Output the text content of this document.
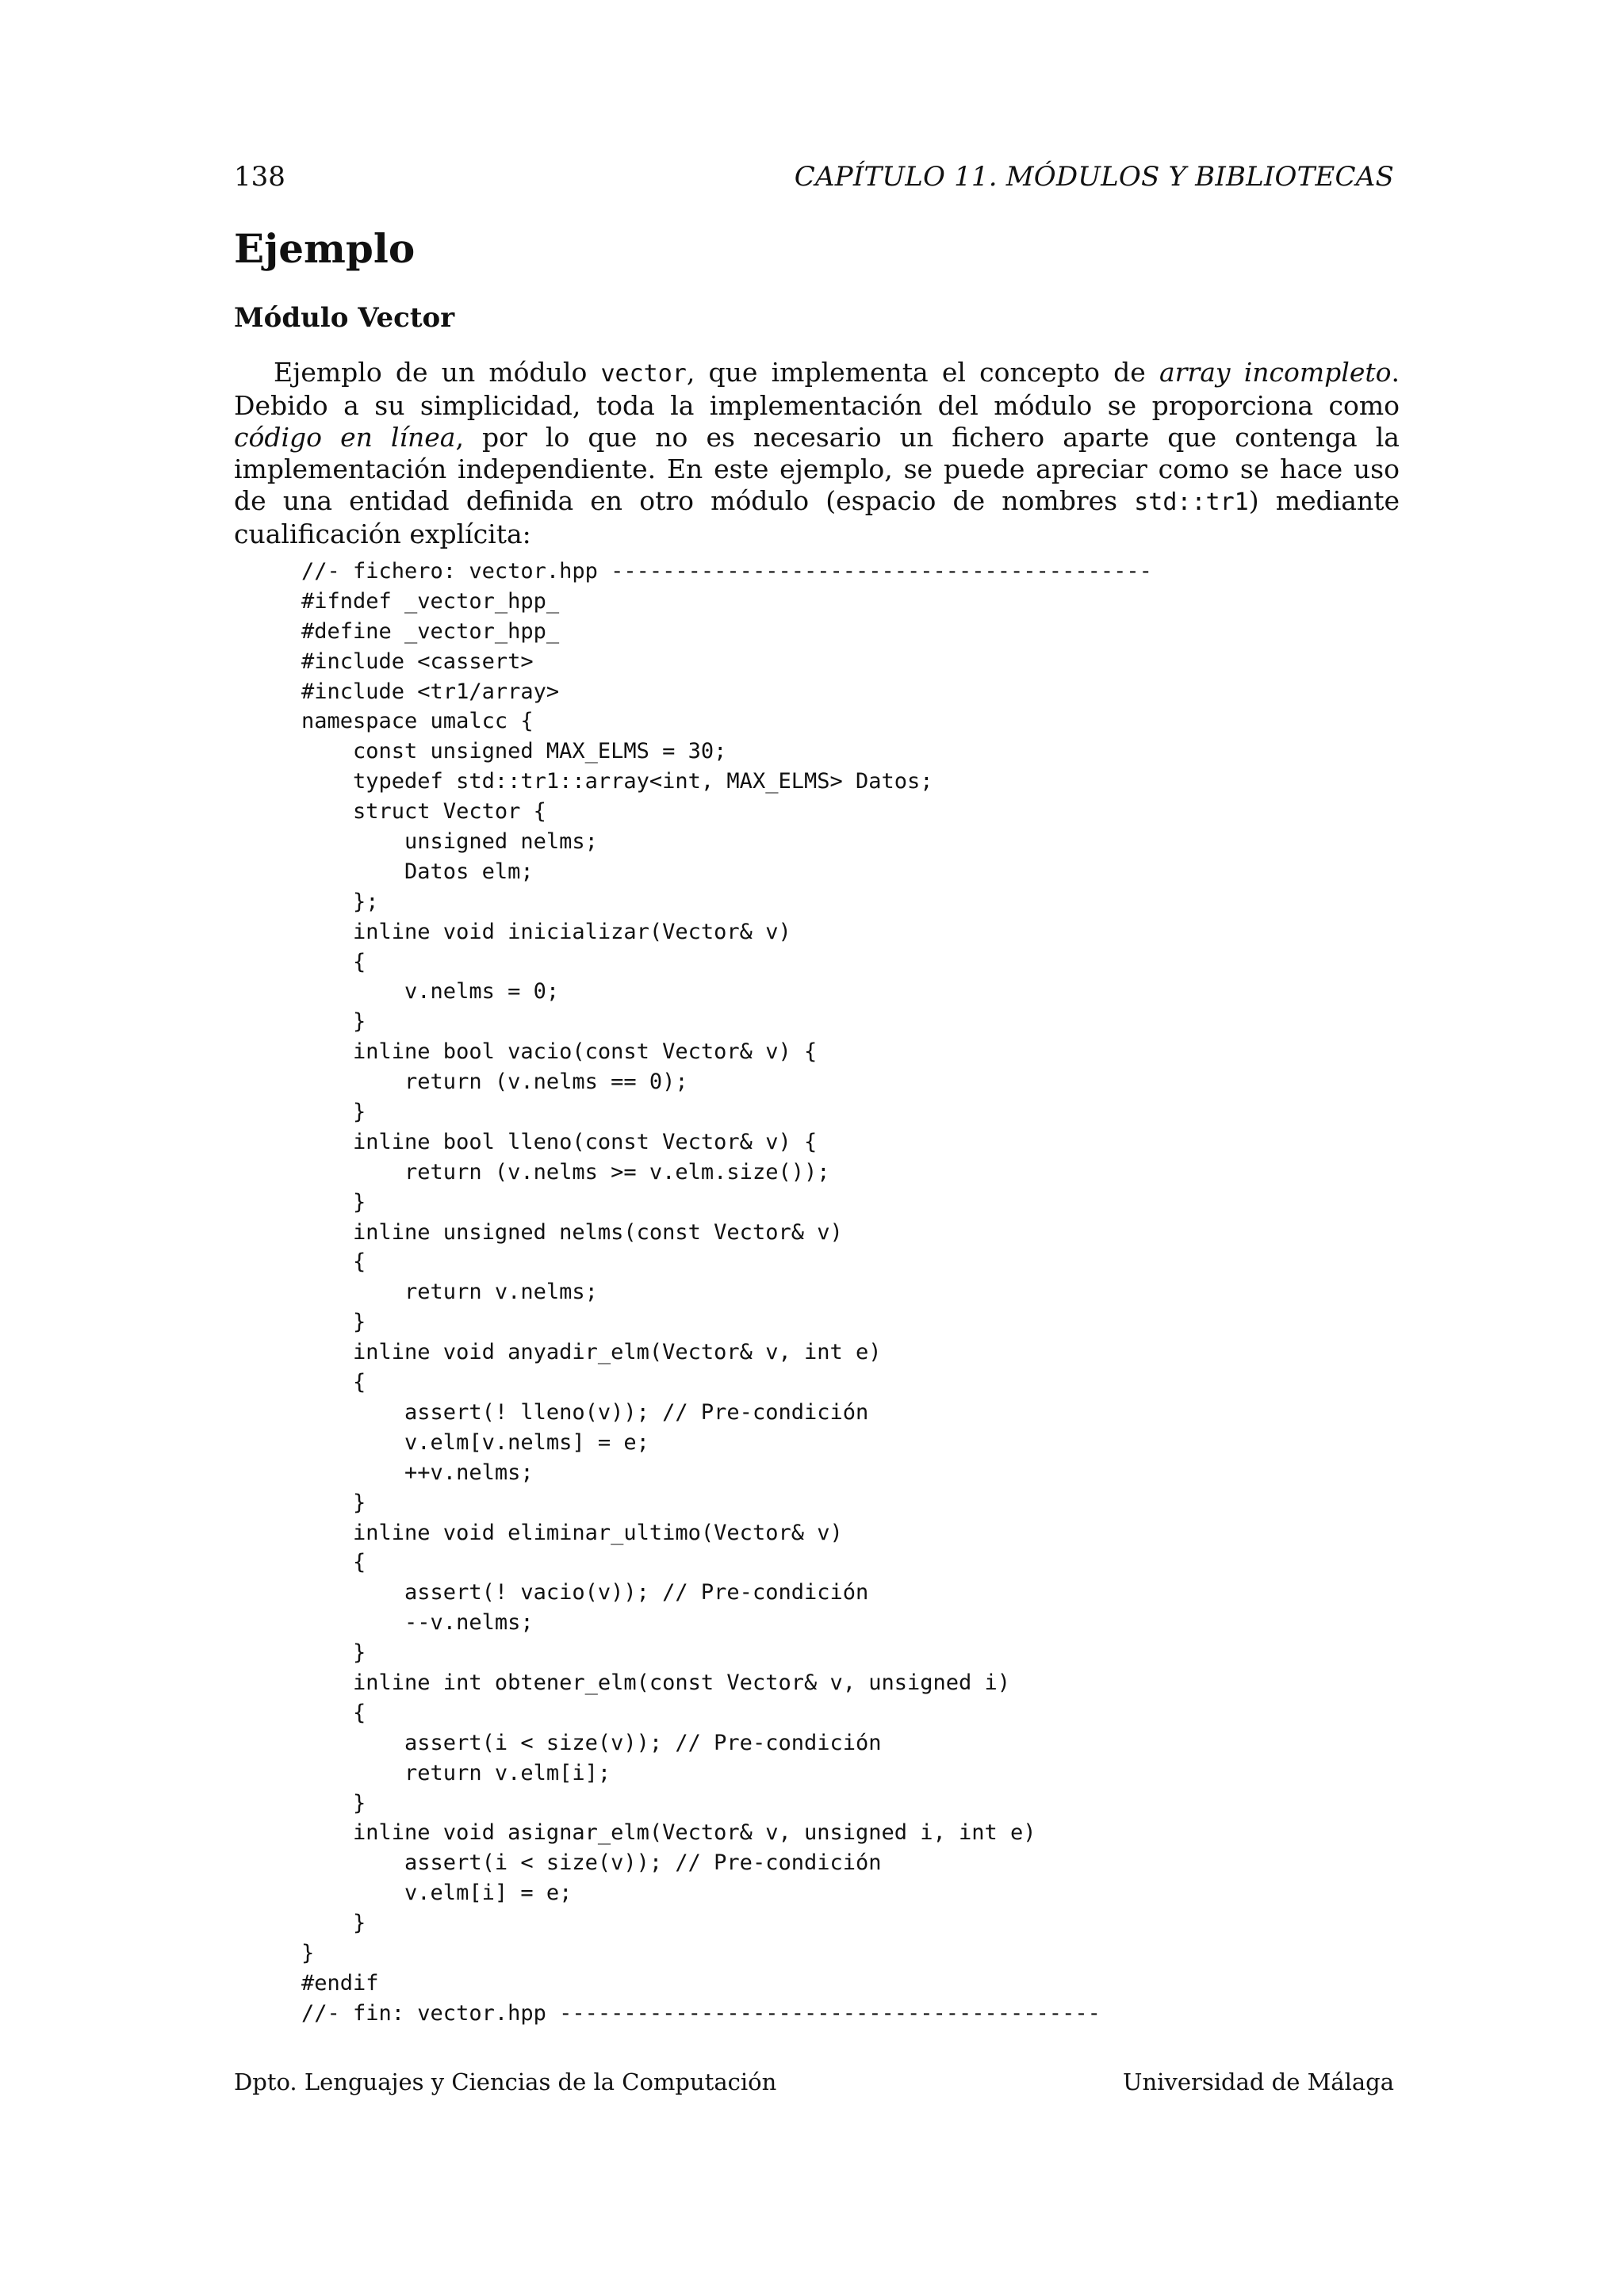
138	CAPÍTULO 11. MÓDULOS Y BIBLIOTECAS
Ejemplo
Módulo Vector

Ejemplo de un módulo vector, que implementa el concepto de array incompleto. Debido a su simplicidad, toda la implementación del módulo se proporciona como código en línea, por lo que no es necesario un fichero aparte que contenga la implementación independiente. En este ejemplo, se puede apreciar como se hace uso de una entidad definida en otro módulo (espacio de nombres std::tr1) mediante cualificación explícita:

//- fichero: vector.hpp ------------------------------------------
#ifndef _vector_hpp_
#define _vector_hpp_
#include <cassert>
#include <tr1/array>
namespace umalcc {
const unsigned MAX_ELMS = 30;
typedef std::tr1::array<int, MAX_ELMS> Datos;
struct Vector {
unsigned nelms;
Datos elm;
};
inline void inicializar(Vector& v)
{
v.nelms = 0;
}
inline bool vacio(const Vector& v) {
return (v.nelms == 0);
}
inline bool lleno(const Vector& v) {
return (v.nelms >= v.elm.size());
}
inline unsigned nelms(const Vector& v)
{
return v.nelms;
}
inline void anyadir_elm(Vector& v, int e)
{
assert(! lleno(v)); // Pre-condición
v.elm[v.nelms] = e;
++v.nelms;
}
inline void eliminar_ultimo(Vector& v)
{
assert(! vacio(v)); // Pre-condición
--v.nelms;
}
inline int obtener_elm(const Vector& v, unsigned i)
{
assert(i < size(v)); // Pre-condición
return v.elm[i];
}
inline void asignar_elm(Vector& v, unsigned i, int e)
assert(i < size(v)); // Pre-condición
v.elm[i] = e;
}
}
#endif
//- fin: vector.hpp ------------------------------------------
Dpto. Lenguajes y Ciencias de la Computación	Universidad de Málaga
